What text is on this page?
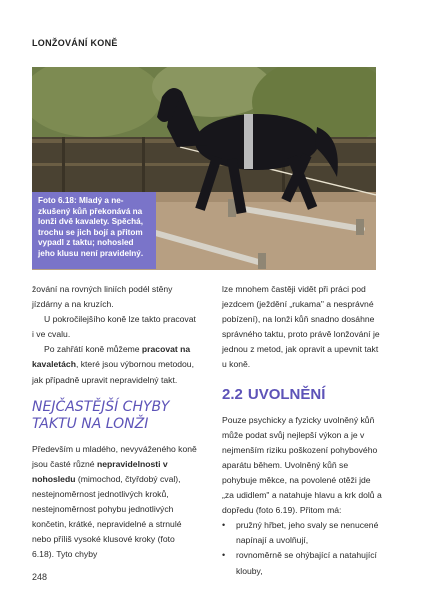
LONŽOVÁNÍ KONĚ
Foto 6.18: Mladý a ne-zkušený kůň překonává na lonži dvě kavalety. Spěchá, trochu se jich bojí a přitom vypadl z taktu; nohosled jeho klusu není pravidelný.

žování na rovných liniích podél stěny jízdárny a na kruzích.

U pokročilejšího koně lze takto pracovat i ve cvalu.

Po zahřátí koně můžeme pracovat na kavaletách, které jsou výbornou metodou, jak případně upravit nepravidelný takt.

NEJČASTĚJŠÍ CHYBY TAKTU NA LONŽI

Především u mladého, nevyváženého koně jsou časté různé nepravidelnosti v nohosledu (mimochod, čtyřdobý cval), nestejnoměrnost jednotlivých kroků, nestejnoměrnost pohybu jednotlivých končetin, krátké, nepravidelné a strnulé nebo příliš vysoké klusové kroky (foto 6.18). Tyto chyby

lze mnohem častěji vidět při práci pod jezdcem (ježdění „rukama" a nesprávné pobízení), na lonži kůň snadno dosáhne správného taktu, proto právě lonžování je jednou z metod, jak opravit a upevnit takt u koně.

2.2 UVOLNĚNÍ

Pouze psychicky a fyzicky uvolněný kůň může podat svůj nejlepší výkon a je v nejmenším riziku poškození pohybového aparátu během. Uvolněný kůň se pohybuje měkce, na povolené otěži jde „za udidlem" a natahuje hlavu a krk dolů a dopředu (foto 6.19). Přitom má:

• pružný hřbet, jeho svaly se nenucené napínají a uvolňují,
• rovnoměrně se ohýbající a natahující klouby,
248
